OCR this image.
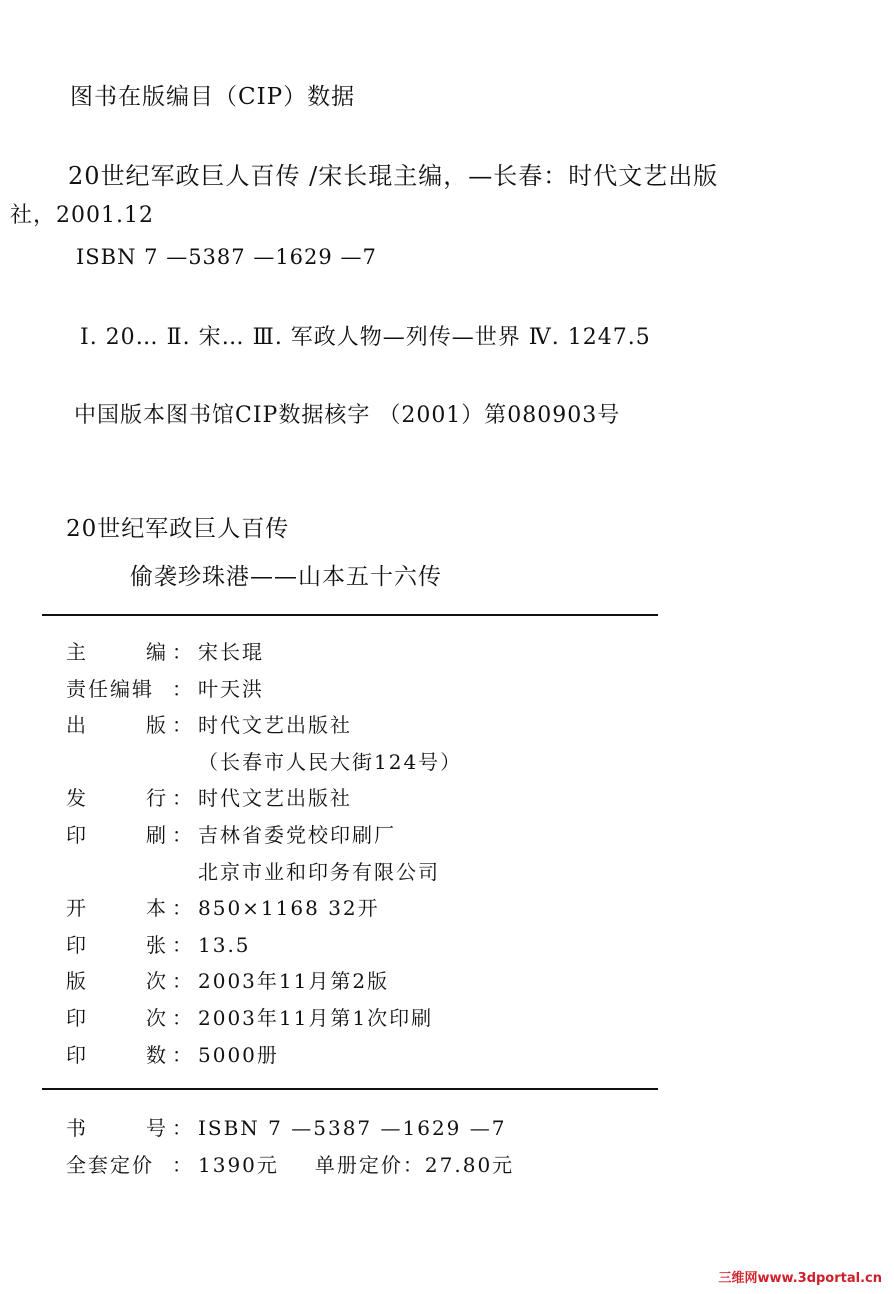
图书在版编目（CIP）数据
20世纪军政巨人百传 /宋长琨主编，—长春：时代文艺出版
社，2001.12
ISBN 7 —5387 —1629 —7
Ⅰ. 20… Ⅱ. 宋… Ⅲ. 军政人物—列传—世界 Ⅳ. 1247.5
中国版本图书馆CIP数据核字 （2001）第080903号
20世纪军政巨人百传
偷袭珍珠港——山本五十六传
主	编 ： 宋长琨
责任编辑 ： 叶天洪
出	版 ： 时代文艺出版社
（长春市人民大街124号）
发	行 ： 时代文艺出版社
印	刷 ： 吉林省委党校印刷厂
北京市业和印务有限公司
开	本 ： 850×1168 32开
印	张 ： 13.5
版	次 ： 2003年11月第2版
印	次 ： 2003年11月第1次印刷
印	数 ： 5000册
书	号 ： ISBN 7 —5387 —1629 —7
全套定价 ： 1390元 单册定价：27.80元
三维网www.3dportal.cn
